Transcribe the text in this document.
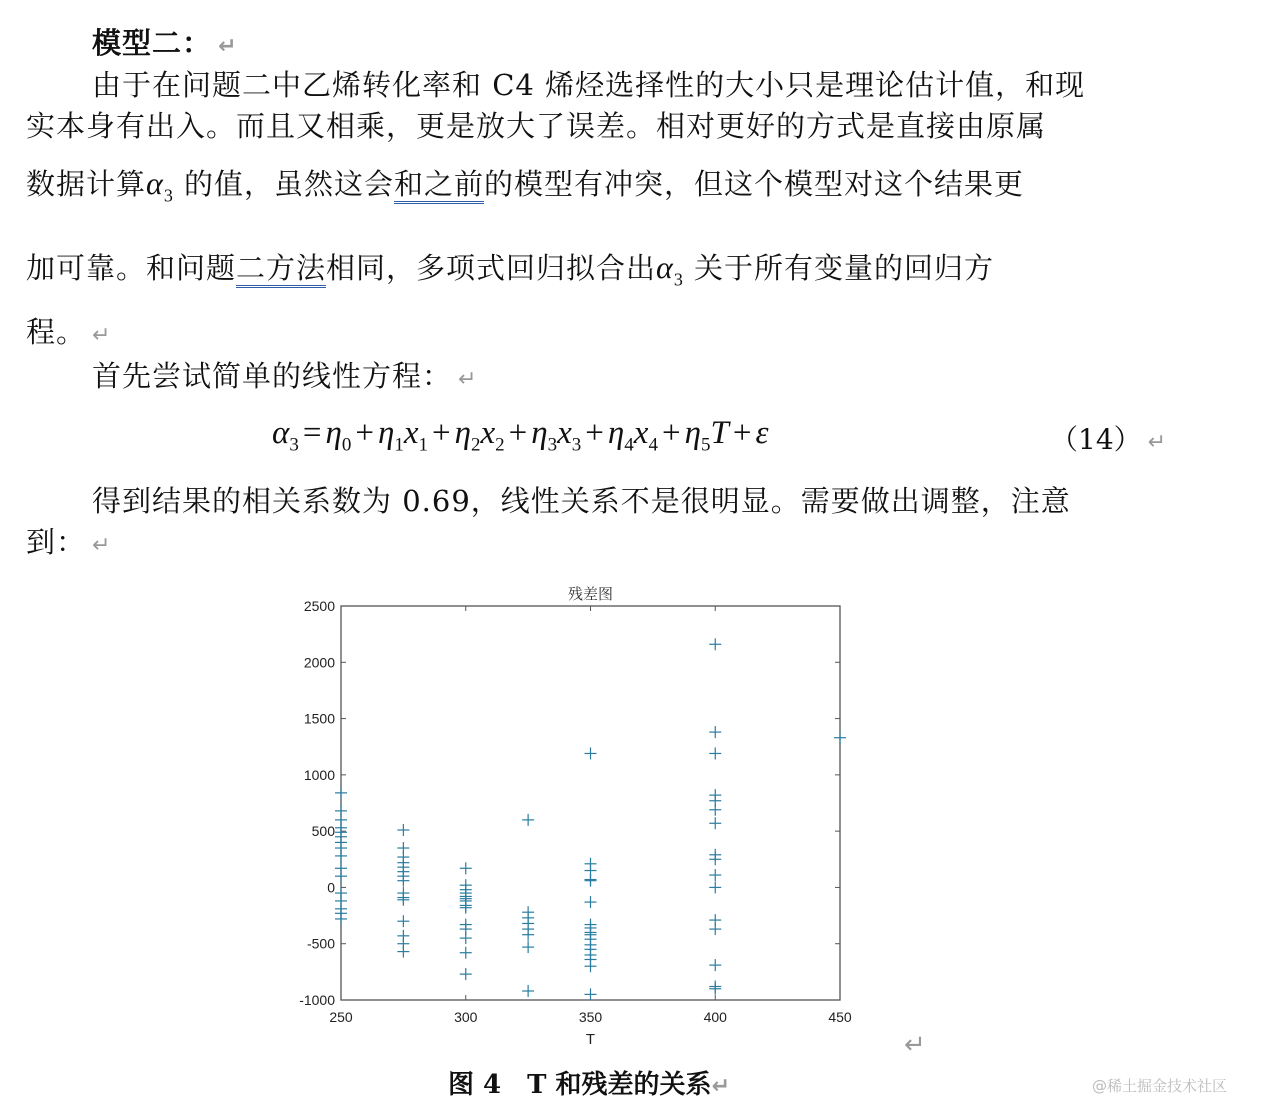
模型二： ↵
由于在问题二中乙烯转化率和 C4 烯烃选择性的大小只是理论估计值，和现
实本身有出入。而且又相乘，更是放大了误差。相对更好的方式是直接由原属
数据计算$\alpha_3$ 的值，虽然这会和之前的模型有冲突，但这个模型对这个结果更
加可靠。和问题二方法相同，多项式回归拟合出$\alpha_3$ 关于所有变量的回归方
程。 ↵
首先尝试简单的线性方程： ↵
$\alpha_3 = \eta_0 + \eta_1x_1 + \eta_2x_2 + \eta_3x_3 + \eta_4x_4 + \eta_5T + \varepsilon$	（14） ↵
得到结果的相关系数为 0.69，线性关系不是很明显。需要做出调整，注意
到： ↵
-1000
-500
0
500
1000
1500
2000
2500
250	300	350	400	450
残差图
T	↵
图 4　T 和残差的关系↵	@稀土掘金技术社区
